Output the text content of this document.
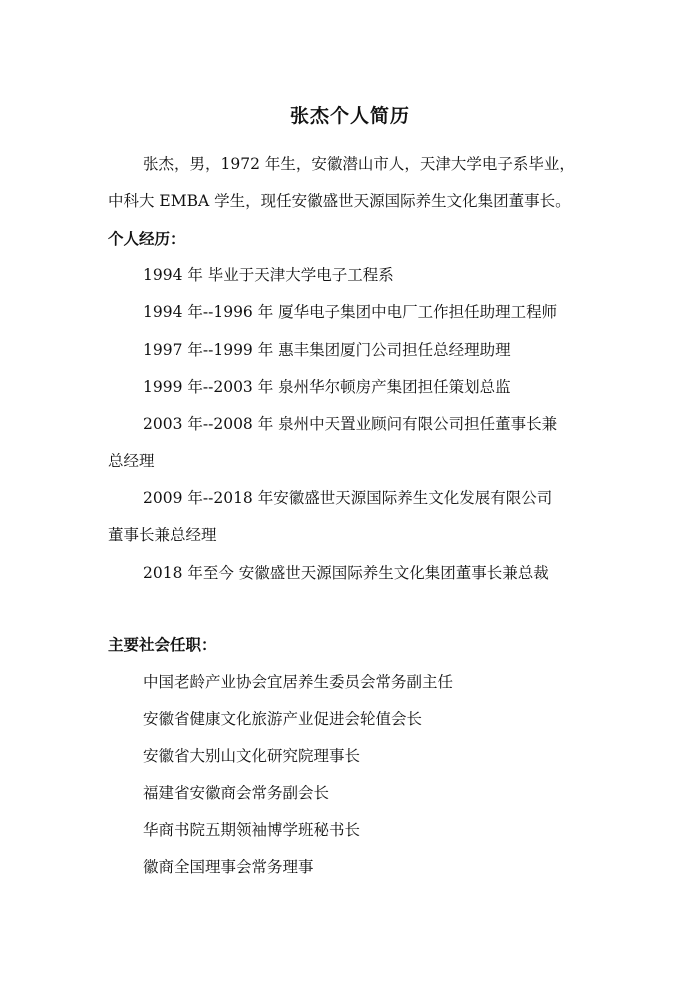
张杰个人简历
张杰，男，1972 年生，安徽潜山市人，天津大学电子系毕业，
中科大 EMBA 学生，现任安徽盛世天源国际养生文化集团董事长。
个人经历：
1994 年 毕业于天津大学电子工程系
1994 年--1996 年 厦华电子集团中电厂工作担任助理工程师
1997 年--1999 年 惠丰集团厦门公司担任总经理助理
1999 年--2003 年 泉州华尔顿房产集团担任策划总监
2003 年--2008 年 泉州中天置业顾问有限公司担任董事长兼
总经理
2009 年--2018 年安徽盛世天源国际养生文化发展有限公司
董事长兼总经理
2018 年至今 安徽盛世天源国际养生文化集团董事长兼总裁
主要社会任职：
中国老龄产业协会宜居养生委员会常务副主任
安徽省健康文化旅游产业促进会轮值会长
安徽省大别山文化研究院理事长
福建省安徽商会常务副会长
华商书院五期领袖博学班秘书长
徽商全国理事会常务理事
